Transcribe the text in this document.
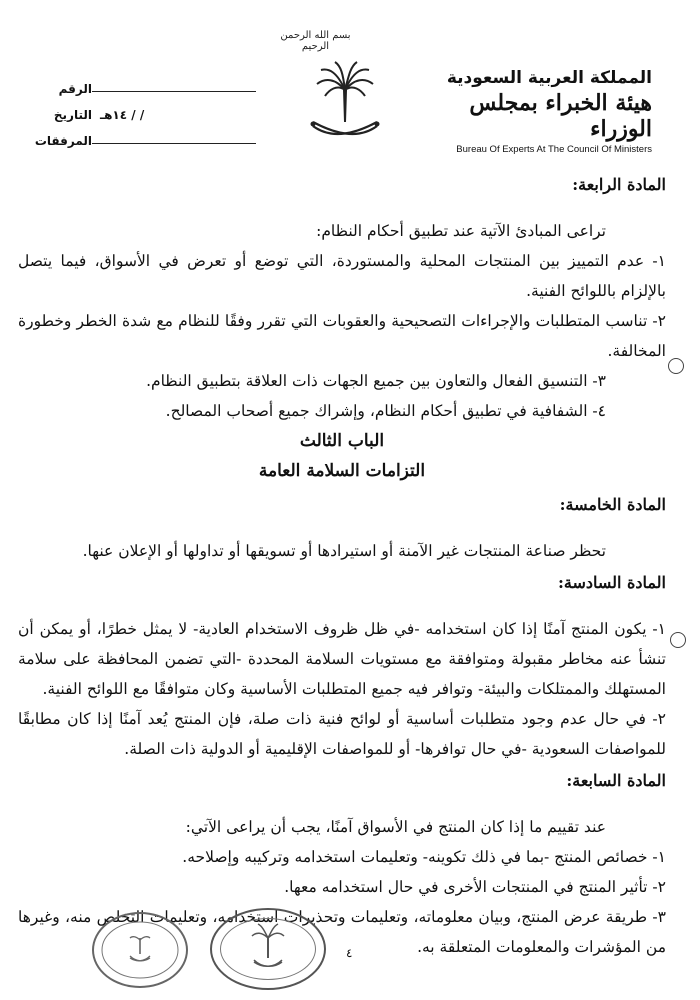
بسم الله الرحمن الرحيم
المملكة العربية السعودية
هيئة الخبراء بمجلس الوزراء
Bureau Of Experts At The Council Of Ministers
الرقم
التاريخ / / ١٤هـ
المرفقات

المادة الرابعة:

تراعى المبادئ الآتية عند تطبيق أحكام النظام:

١- عدم التمييز بين المنتجات المحلية والمستوردة، التي توضع أو تعرض في الأسواق، فيما يتصل بالإلزام باللوائح الفنية.

٢- تناسب المتطلبات والإجراءات التصحيحية والعقوبات التي تقرر وفقًا للنظام مع شدة الخطر وخطورة المخالفة.

٣- التنسيق الفعال والتعاون بين جميع الجهات ذات العلاقة بتطبيق النظام.

٤- الشفافية في تطبيق أحكام النظام، وإشراك جميع أصحاب المصالح.

الباب الثالث

التزامات السلامة العامة

المادة الخامسة:

تحظر صناعة المنتجات غير الآمنة أو استيرادها أو تسويقها أو تداولها أو الإعلان عنها.

المادة السادسة:

١- يكون المنتج آمنًا إذا كان استخدامه -في ظل ظروف الاستخدام العادية- لا يمثل خطرًا، أو يمكن أن تنشأ عنه مخاطر مقبولة ومتوافقة مع مستويات السلامة المحددة -التي تضمن المحافظة على سلامة المستهلك والممتلكات والبيئة- وتوافر فيه جميع المتطلبات الأساسية وكان متوافقًا مع اللوائح الفنية.

٢- في حال عدم وجود متطلبات أساسية أو لوائح فنية ذات صلة، فإن المنتج يُعد آمنًا إذا كان مطابقًا للمواصفات السعودية -في حال توافرها- أو للمواصفات الإقليمية أو الدولية ذات الصلة.

المادة السابعة:

عند تقييم ما إذا كان المنتج في الأسواق آمنًا، يجب أن يراعى الآتي:

١- خصائص المنتج -بما في ذلك تكوينه- وتعليمات استخدامه وتركيبه وإصلاحه.

٢- تأثير المنتج في المنتجات الأخرى في حال استخدامه معها.

٣- طريقة عرض المنتج، وبيان معلوماته، وتعليمات وتحذيرات استخدامه، وتعليمات التخلص منه، وغيرها من المؤشرات والمعلومات المتعلقة به.

٤
